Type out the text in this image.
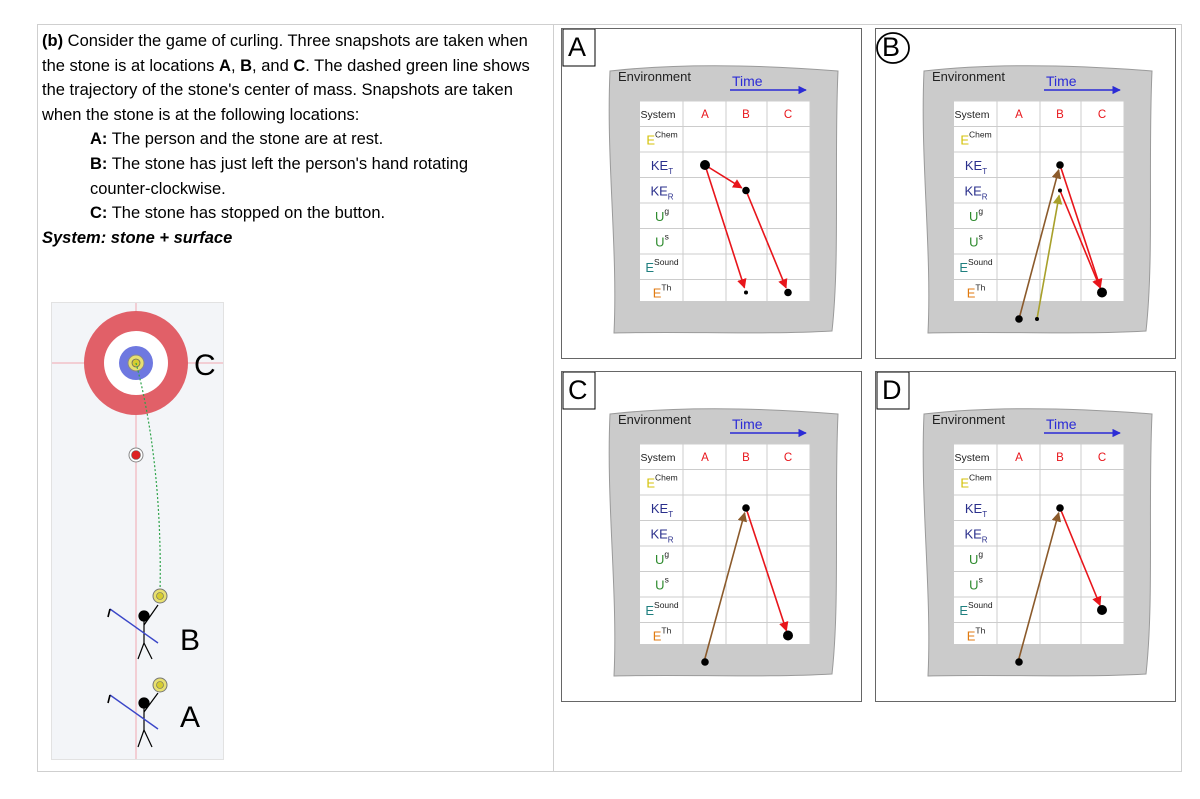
(b) Consider the game of curling. Three snapshots are taken when the stone is at locations A, B, and C. The dashed green line shows the trajectory of the stone's center of mass. Snapshots are taken when the stone is at the following locations:

A: The person and the stone are at rest.

B: The stone has just left the person's hand rotating

counter-clockwise.

C: The stone has stopped on the button.

System: stone + surface

C
B
A
A
Environment	Time
System A	B	C
$E^{Chem}$
$KE_T$
$KE_R$
$U^g$
$U^s$
$E^{Sound}$
$E^{Th}$
B
Environment	Time
System A	B	C
$E^{Chem}$
$KE_T$
$KE_R$
$U^g$
$U^s$
$E^{Sound}$
$E^{Th}$
C
Environment	Time
System A	B	C
$E^{Chem}$
$KE_T$
$KE_R$
$U^g$
$U^s$
$E^{Sound}$
$E^{Th}$
D
Environment	Time
System A	B	C
$E^{Chem}$
$KE_T$
$KE_R$
$U^g$
$U^s$
$E^{Sound}$
$E^{Th}$
